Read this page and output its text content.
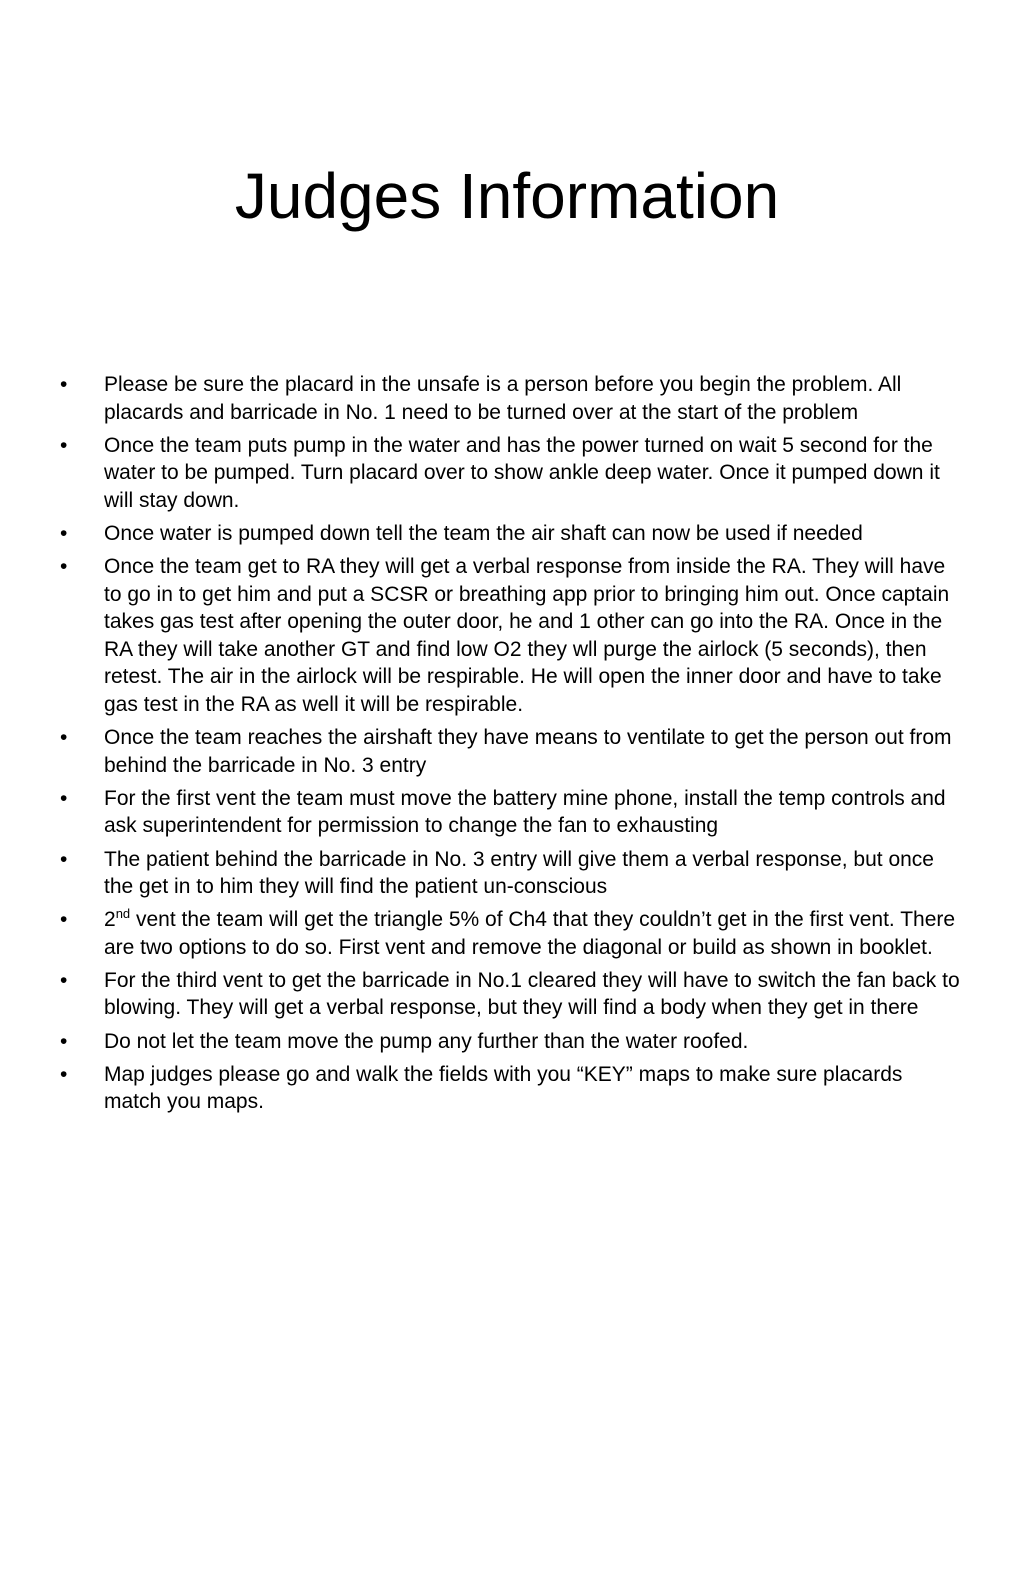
Judges Information
• Please be sure the placard in the unsafe is a person before you begin the problem. All placards and barricade in No. 1 need to be turned over at the start of the problem
• Once the team puts pump in the water and has the power turned on wait 5 second for the water to be pumped. Turn placard over to show ankle deep water. Once it pumped down it will stay down.
• Once water is pumped down tell the team the air shaft can now be used if needed
• Once the team get to RA they will get a verbal response from inside the RA. They will have to go in to get him and put a SCSR or breathing app prior to bringing him out. Once captain takes gas test after opening the outer door, he and 1 other can go into the RA. Once in the RA they will take another GT and find low O2 they wll purge the airlock (5 seconds), then retest. The air in the airlock will be respirable. He will open the inner door and have to take gas test in the RA as well it will be respirable.
• Once the team reaches the airshaft they have means to ventilate to get the person out from behind the barricade in No. 3 entry
• For the first vent the team must move the battery mine phone, install the temp controls and ask superintendent for permission to change the fan to exhausting
• The patient behind the barricade in No. 3 entry will give them a verbal response, but once the get in to him they will find the patient un-conscious
• 2nd vent the team will get the triangle 5% of Ch4 that they couldn’t get in the first vent. There are two options to do so. First vent and remove the diagonal or build as shown in booklet.
• For the third vent to get the barricade in No.1 cleared they will have to switch the fan back to blowing. They will get a verbal response, but they will find a body when they get in there
• Do not let the team move the pump any further than the water roofed.
• Map judges please go and walk the fields with you “KEY” maps to make sure placards match you maps.
